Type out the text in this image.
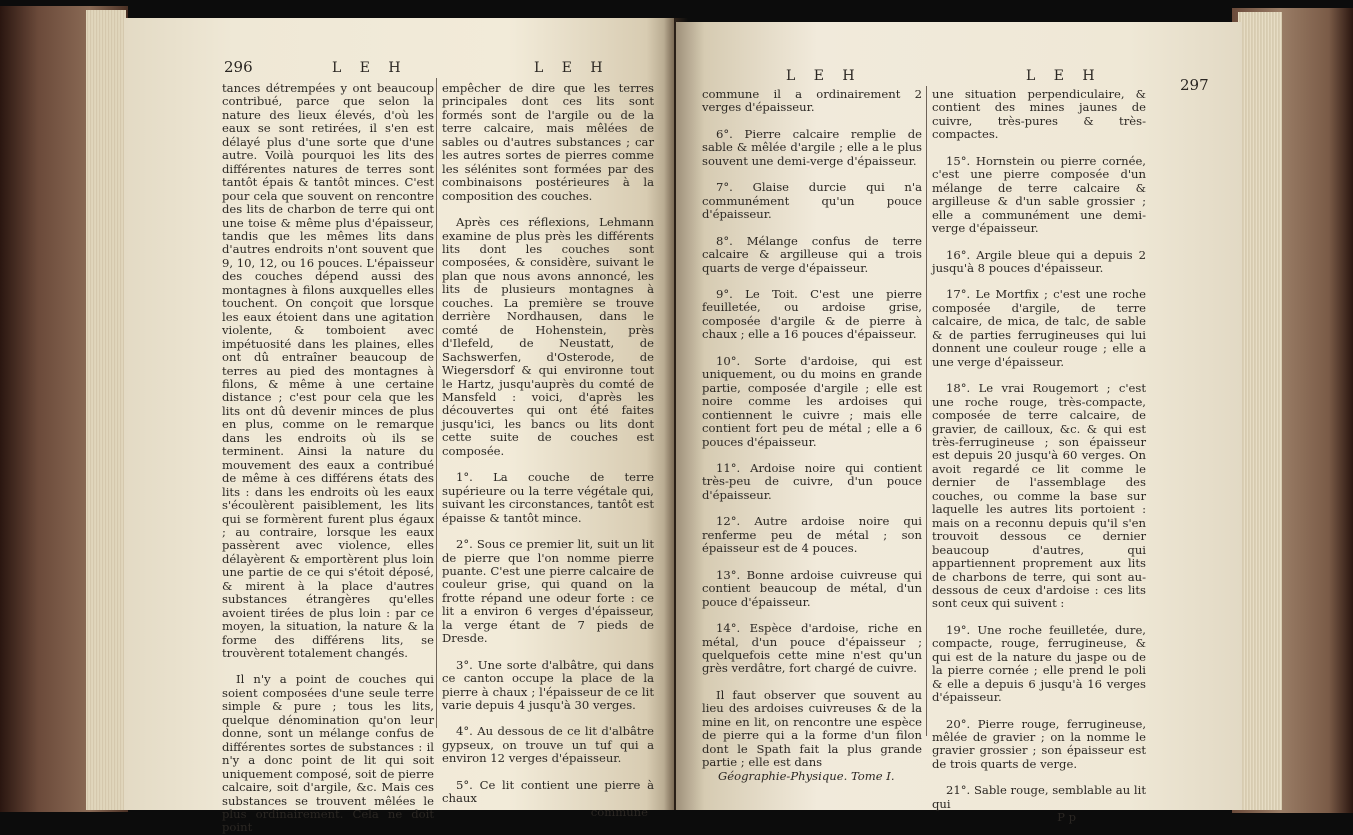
296	L E H	L E H

tances détrempées y ont beaucoup contribué, parce que selon la nature des lieux élevés, d'où les eaux se sont retirées, il s'en est délayé plus d'une sorte que d'une autre. Voilà pourquoi les lits des différentes natures de terres sont tantôt épais & tantôt minces. C'est pour cela que souvent on rencontre des lits de charbon de terre qui ont une toise & même plus d'épaisseur, tandis que les mêmes lits dans d'autres endroits n'ont souvent que 9, 10, 12, ou 16 pouces. L'épaisseur des couches dépend aussi des montagnes à filons auxquelles elles touchent. On conçoit que lorsque les eaux étoient dans une agitation violente, & tomboient avec impétuosité dans les plaines, elles ont dû entraîner beaucoup de terres au pied des montagnes à filons, & même à une certaine distance ; c'est pour cela que les lits ont dû devenir minces de plus en plus, comme on le remarque dans les endroits où ils se terminent. Ainsi la nature du mouvement des eaux a contribué de même à ces différens états des lits : dans les endroits où les eaux s'écoulèrent paisiblement, les lits qui se formèrent furent plus égaux ; au contraire, lorsque les eaux passèrent avec violence, elles délayèrent & emportèrent plus loin une partie de ce qui s'étoit déposé, & mirent à la place d'autres substances étrangères qu'elles avoient tirées de plus loin : par ce moyen, la situation, la nature & la forme des différens lits, se trouvèrent totalement changés.

Il n'y a point de couches qui soient composées d'une seule terre simple & pure ; tous les lits, quelque dénomination qu'on leur donne, sont un mélange confus de différentes sortes de substances : il n'y a donc point de lit qui soit uniquement composé, soit de pierre calcaire, soit d'argile, &c. Mais ces substances se trouvent mêlées le plus ordinairement. Cela ne doit point

empêcher de dire que les terres principales dont ces lits sont formés sont de l'argile ou de la terre calcaire, mais mêlées de sables ou d'autres substances ; car les autres sortes de pierres comme les sélénites sont formées par des combinaisons postérieures à la composition des couches.

Après ces réflexions, Lehmann examine de plus près les différents lits dont les couches sont composées, & considère, suivant le plan que nous avons annoncé, les lits de plusieurs montagnes à couches. La première se trouve derrière Nordhausen, dans le comté de Hohenstein, près d'Ilefeld, de Neustatt, de Sachswerfen, d'Osterode, de Wiegersdorf & qui environne tout le Hartz, jusqu'auprès du comté de Mansfeld : voici, d'après les découvertes qui ont été faites jusqu'ici, les bancs ou lits dont cette suite de couches est composée.

1°. La couche de terre supérieure ou la terre végétale qui, suivant les circonstances, tantôt est épaisse & tantôt mince.

2°. Sous ce premier lit, suit un lit de pierre que l'on nomme pierre puante. C'est une pierre calcaire de couleur grise, qui quand on la frotte répand une odeur forte : ce lit a environ 6 verges d'épaisseur, la verge étant de 7 pieds de Dresde.

3°. Une sorte d'albâtre, qui dans ce canton occupe la place de la pierre à chaux ; l'épaisseur de ce lit varie depuis 4 jusqu'à 30 verges.

4°. Au dessous de ce lit d'albâtre gypseux, on trouve un tuf qui a environ 12 verges d'épaisseur.

5°. Ce lit contient une pierre à chaux

commune
L E H	L E H	297

commune il a ordinairement 2 verges d'épaisseur.

6°. Pierre calcaire remplie de sable & mêlée d'argile ; elle a le plus souvent une demi-verge d'épaisseur.

7°. Glaise durcie qui n'a communément qu'un pouce d'épaisseur.

8°. Mélange confus de terre calcaire & argilleuse qui a trois quarts de verge d'épaisseur.

9°. Le Toit. C'est une pierre feuilletée, ou ardoise grise, composée d'argile & de pierre à chaux ; elle a 16 pouces d'épaisseur.

10°. Sorte d'ardoise, qui est uniquement, ou du moins en grande partie, composée d'argile ; elle est noire comme les ardoises qui contiennent le cuivre ; mais elle contient fort peu de métal ; elle a 6 pouces d'épaisseur.

11°. Ardoise noire qui contient très-peu de cuivre, d'un pouce d'épaisseur.

12°. Autre ardoise noire qui renferme peu de métal ; son épaisseur est de 4 pouces.

13°. Bonne ardoise cuivreuse qui contient beaucoup de métal, d'un pouce d'épaisseur.

14°. Espèce d'ardoise, riche en métal, d'un pouce d'épaisseur ; quelquefois cette mine n'est qu'un grès verdâtre, fort chargé de cuivre.

Il faut observer que souvent au lieu des ardoises cuivreuses & de la mine en lit, on rencontre une espèce de pierre qui a la forme d'un filon dont le Spath fait la plus grande partie ; elle est dans

Géographie-Physique. Tome I.

une situation perpendiculaire, & contient des mines jaunes de cuivre, très-pures & très-compactes.

15°. Hornstein ou pierre cornée, c'est une pierre composée d'un mélange de terre calcaire & argilleuse & d'un sable grossier ; elle a communément une demi-verge d'épaisseur.

16°. Argile bleue qui a depuis 2 jusqu'à 8 pouces d'épaisseur.

17°. Le Mortfix ; c'est une roche composée d'argile, de terre calcaire, de mica, de talc, de sable & de parties ferrugineuses qui lui donnent une couleur rouge ; elle a une verge d'épaisseur.

18°. Le vrai Rougemort ; c'est une roche rouge, très-compacte, composée de terre calcaire, de gravier, de cailloux, &c. & qui est très-ferrugineuse ; son épaisseur est depuis 20 jusqu'à 60 verges. On avoit regardé ce lit comme le dernier de l'assemblage des couches, ou comme la base sur laquelle les autres lits portoient : mais on a reconnu depuis qu'il s'en trouvoit dessous ce dernier beaucoup d'autres, qui appartiennent proprement aux lits de charbons de terre, qui sont au-dessous de ceux d'ardoise : ces lits sont ceux qui suivent :

19°. Une roche feuilletée, dure, compacte, rouge, ferrugineuse, & qui est de la nature du jaspe ou de la pierre cornée ; elle prend le poli & elle a depuis 6 jusqu'à 16 verges d'épaisseur.

20°. Pierre rouge, ferrugineuse, mêlée de gravier ; on la nomme le gravier grossier ; son épaisseur est de trois quarts de verge.

21°. Sable rouge, semblable au lit qui

P p
